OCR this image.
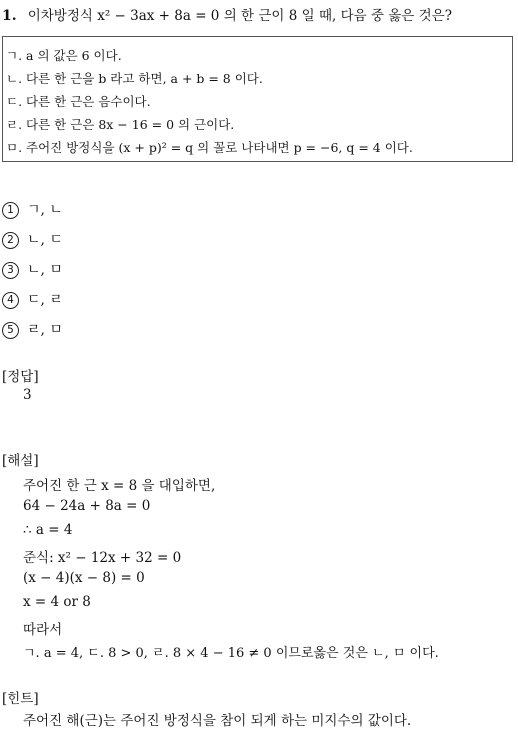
1. 이차방정식 x² − 3ax + 8a = 0 의 한 근이 8 일 때, 다음 중 옳은 것은?
ㄱ. a 의 값은 6 이다.
ㄴ. 다른 한 근을 b 라고 하면, a + b = 8 이다.
ㄷ. 다른 한 근은 음수이다.
ㄹ. 다른 한 근은 8x − 16 = 0 의 근이다.
ㅁ. 주어진 방정식을 (x + p)² = q 의 꼴로 나타내면 p = −6, q = 4 이다.
1 ㄱ, ㄴ
2 ㄴ, ㄷ
3 ㄴ, ㅁ
4 ㄷ, ㄹ
5 ㄹ, ㅁ
[정답]
3
[해설]
주어진 한 근 x = 8 을 대입하면,
64 − 24a + 8a = 0
∴ a = 4
준식: x² − 12x + 32 = 0
(x − 4)(x − 8) = 0
x = 4 or 8
따라서
ㄱ. a = 4, ㄷ. 8 > 0, ㄹ. 8 × 4 − 16 ≠ 0 이므로옳은 것은 ㄴ, ㅁ 이다.
[힌트]
주어진 해(근)는 주어진 방정식을 참이 되게 하는 미지수의 값이다.
